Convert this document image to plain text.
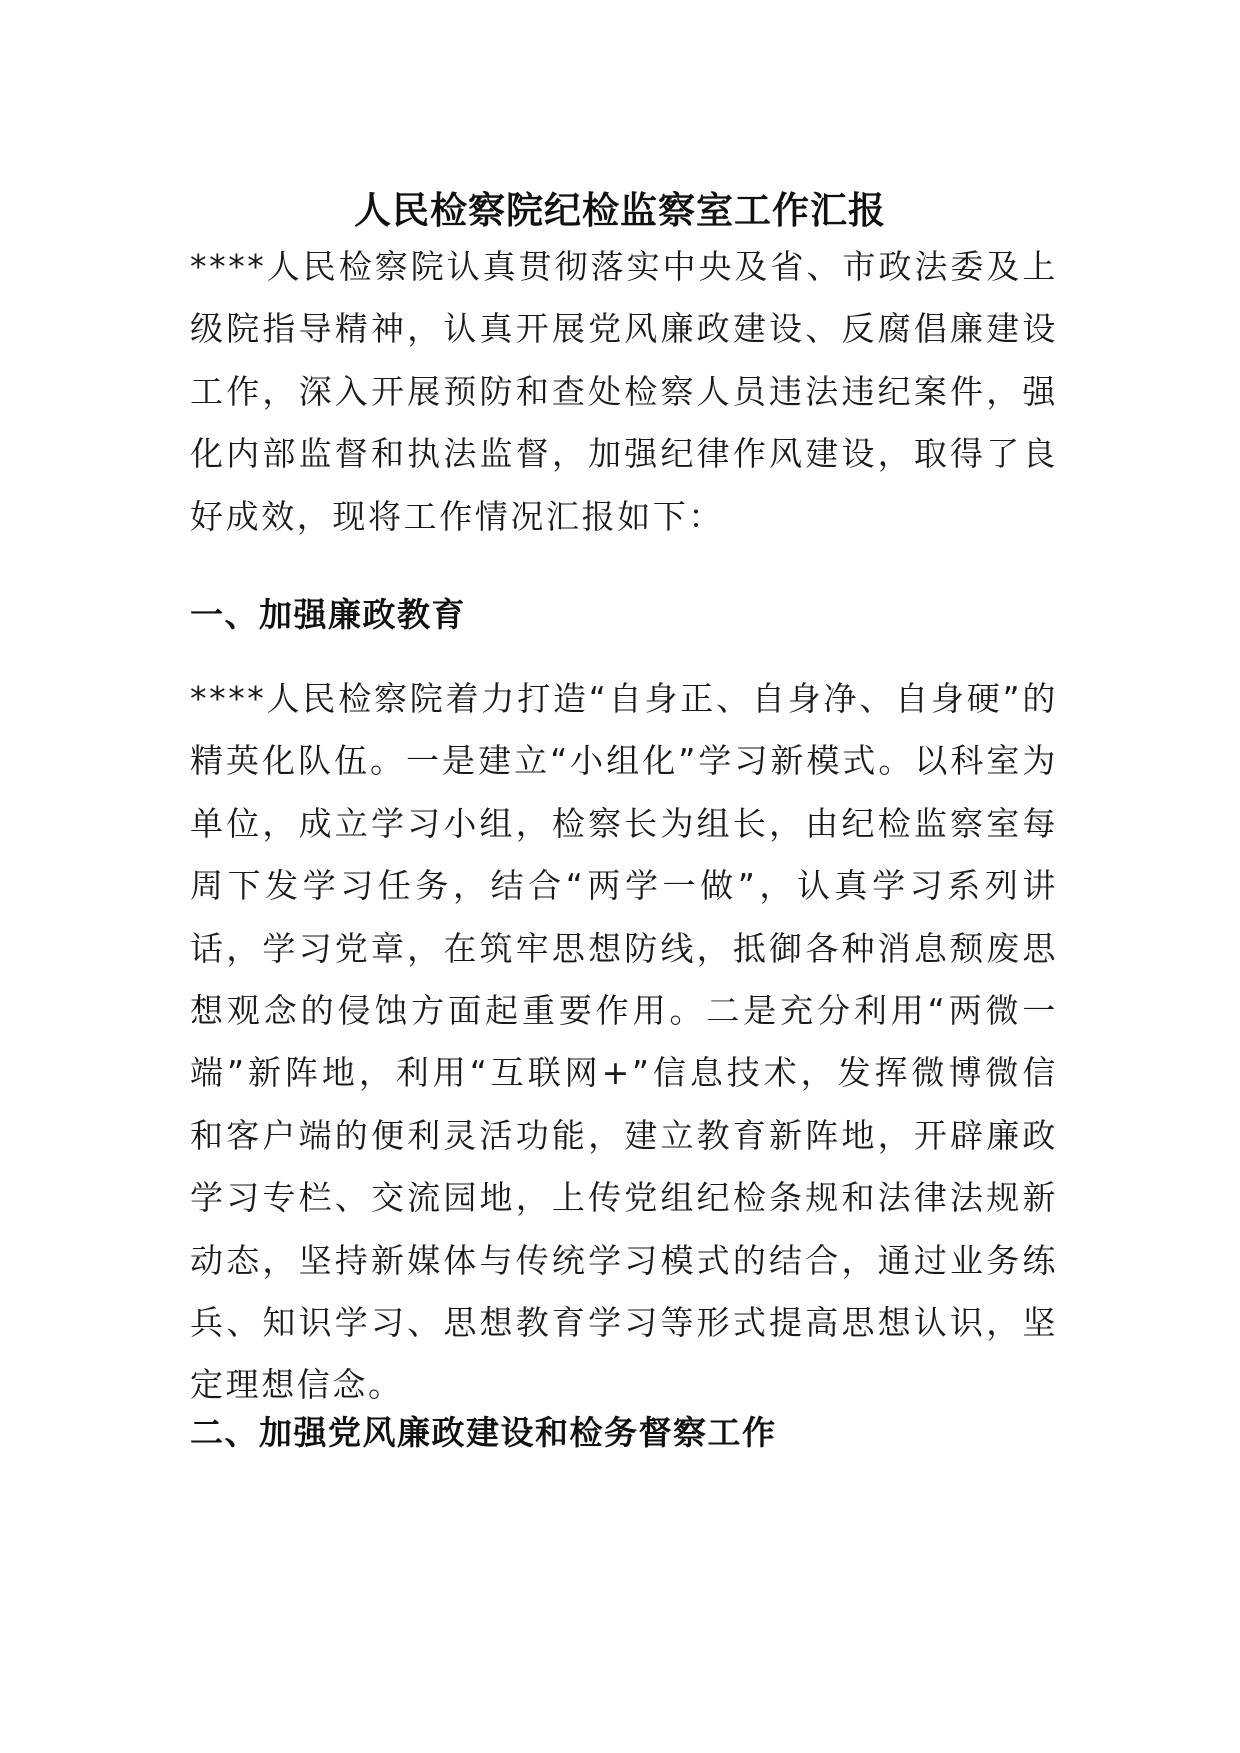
人民检察院纪检监察室工作汇报

****人民检察院认真贯彻落实中央及省、市政法委及上级院指导精神，认真开展党风廉政建设、反腐倡廉建设工作，深入开展预防和查处检察人员违法违纪案件，强化内部监督和执法监督，加强纪律作风建设，取得了良好成效，现将工作情况汇报如下：

一、加强廉政教育

****人民检察院着力打造“自身正、自身净、自身硬”的精英化队伍。一是建立“小组化”学习新模式。以科室为单位，成立学习小组，检察长为组长，由纪检监察室每周下发学习任务，结合“两学一做”，认真学习系列讲话，学习党章，在筑牢思想防线，抵御各种消息颓废思想观念的侵蚀方面起重要作用。二是充分利用“两微一端”新阵地，利用“互联网+”信息技术，发挥微博微信和客户端的便利灵活功能，建立教育新阵地，开辟廉政学习专栏、交流园地，上传党组纪检条规和法律法规新动态，坚持新媒体与传统学习模式的结合，通过业务练兵、知识学习、思想教育学习等形式提高思想认识，坚定理想信念。

二、加强党风廉政建设和检务督察工作
